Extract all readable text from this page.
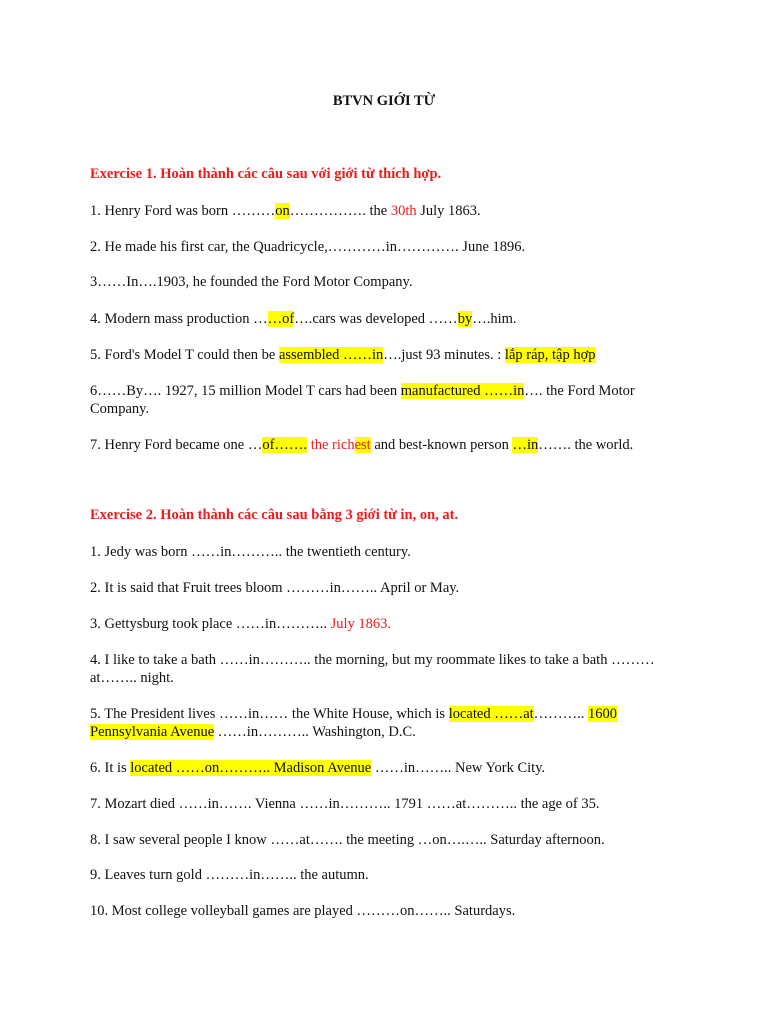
BTVN GIỚI TỪ
Exercise 1. Hoàn thành các câu sau với giới từ thích hợp.
1. Henry Ford was born ………on……………. the 30th July 1863.
2. He made his first car, the Quadricycle,…………in…………. June 1896.
3……In….1903, he founded the Ford Motor Company.
4. Modern mass production ……of….cars was developed ……by….him.
5. Ford's Model T could then be assembled ……in….just 93 minutes. : lắp ráp, tập hợp
6……By…. 1927, 15 million Model T cars had been manufactured ……in…. the Ford Motor Company.
7. Henry Ford became one …of……. the richest and best-known person …in……. the world.
Exercise 2. Hoàn thành các câu sau bằng 3 giới từ in, on, at.
1. Jedy was born ……in……….. the twentieth century.
2. It is said that Fruit trees bloom ………in…….. April or May.
3. Gettysburg took place ……in……….. July 1863.
4. I like to take a bath ……in……….. the morning, but my roommate likes to take a bath ……… at…….. night.
5. The President lives ……in…… the White House, which is located ……at……….. 1600 Pennsylvania Avenue ……in……….. Washington, D.C.
6. It is located ……on……….. Madison Avenue ……in…….. New York City.
7. Mozart died ……in……. Vienna ……in……….. 1791 ……at……….. the age of 35.
8. I saw several people I know ……at……. the meeting …on….….. Saturday afternoon.
9. Leaves turn gold ………in…….. the autumn.
10. Most college volleyball games are played ………on…….. Saturdays.
